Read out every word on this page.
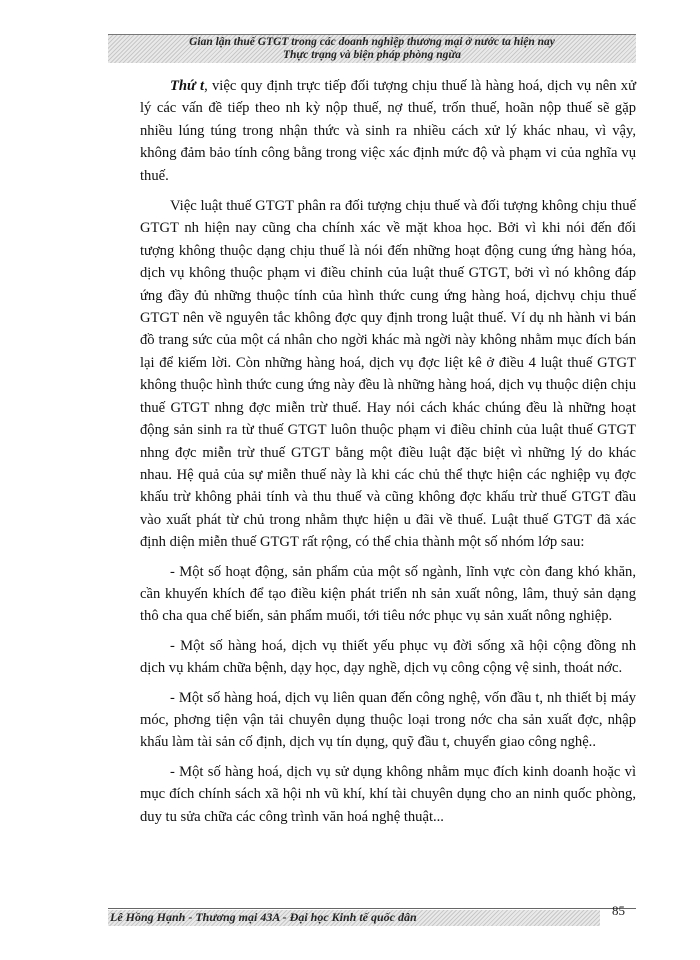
Gian lận thuế GTGT trong các doanh nghiệp thương mại ở nước ta hiện nay
Thực trạng và biện pháp phòng ngừa

Thứ t, việc quy định trực tiếp đối tượng chịu thuế là hàng hoá, dịch vụ nên xử lý các vấn đề tiếp theo nh kỳ nộp thuế, nợ thuế, trốn thuế, hoãn nộp thuế sẽ gặp nhiều lúng túng trong nhận thức và sinh ra nhiều cách xử lý khác nhau, vì vậy, không đảm bảo tính công bằng trong việc xác định mức độ và phạm vi của nghĩa vụ thuế.

Việc luật thuế GTGT phân ra đối tượng chịu thuế và đối tượng không chịu thuế GTGT nh hiện nay cũng cha chính xác về mặt khoa học. Bởi vì khi nói đến đối tượng không thuộc dạng chịu thuế là nói đến những hoạt động cung ứng hàng hóa, dịch vụ không thuộc phạm vi điều chỉnh của luật thuế GTGT, bởi vì nó không đáp ứng đầy đủ những thuộc tính của hình thức cung ứng hàng hoá, dịchvụ chịu thuế GTGT nên về nguyên tắc không đợc quy định trong luật thuế. Ví dụ nh hành vi bán đồ trang sức của một cá nhân cho ngời khác mà ngời này không nhằm mục đích bán lại để kiếm lời. Còn những hàng hoá, dịch vụ đợc liệt kê ở điều 4 luật thuế GTGT không thuộc hình thức cung ứng này đều là những hàng hoá, dịch vụ thuộc diện chịu thuế GTGT nhng đợc miễn trừ thuế. Hay nói cách khác chúng đều là những hoạt động sản sinh ra từ thuế GTGT luôn thuộc phạm vi điều chỉnh của luật thuế GTGT nhng đợc miễn trừ thuế GTGT bằng một điều luật đặc biệt vì những lý do khác nhau. Hệ quả của sự miễn thuế này là khi các chủ thể thực hiện các nghiệp vụ đợc khấu trừ không phải tính và thu thuế và cũng không đợc khấu trừ thuế GTGT đầu vào xuất phát từ chủ trong nhằm thực hiện u đãi về thuế. Luật thuế GTGT đã xác định diện miễn thuế GTGT rất rộng, có thể chia thành một số nhóm lớp sau:

- Một số hoạt động, sản phẩm của một số ngành, lĩnh vực còn đang khó khăn, cần khuyến khích để tạo điều kiện phát triển nh sản xuất nông, lâm, thuỷ sản dạng thô cha qua chế biến, sản phẩm muối, tới tiêu nớc phục vụ sản xuất nông nghiệp.

- Một số hàng hoá, dịch vụ thiết yếu phục vụ đời sống xã hội cộng đồng nh dịch vụ khám chữa bệnh, dạy học, dạy nghề, dịch vụ công cộng vệ sinh, thoát nớc.

- Một số hàng hoá, dịch vụ liên quan đến công nghệ, vốn đầu t, nh thiết bị máy móc, phơng tiện vận tải chuyên dụng thuộc loại trong nớc cha sản xuất đợc, nhập khẩu làm tài sản cố định, dịch vụ tín dụng, quỹ đầu t, chuyển giao công nghệ..

- Một số hàng hoá, dịch vụ sử dụng không nhằm mục đích kinh doanh hoặc vì mục đích chính sách xã hội nh vũ khí, khí tài chuyên dụng cho an ninh quốc phòng, duy tu sửa chữa các công trình văn hoá nghệ thuật...

Lê Hồng Hạnh - Thương mại 43A - Đại học Kinh tế quốc dân	85
